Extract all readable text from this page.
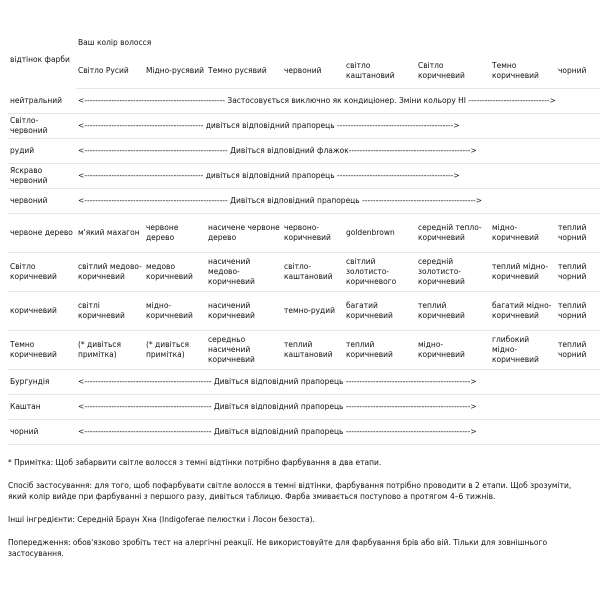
відтінок фарби	Ваш колір волосся							
	Світло Русий	Мідно-русявий	Темно русявий	червоний	світло каштановий	Світло коричневий	Темно коричневий	чорний
нейтральний	<---------------------------------------------------- Застосовується виключно як кондиціонер. Зміни кольору НІ ------------------------------>							
Світло-червоний	<-------------------------------------------- дивіться відповідний прапорець ------------------------------------------->							
рудий	<----------------------------------------------------- Дивіться відповідний флажок--------------------------------------------->							
Яскраво червоний	<-------------------------------------------- дивіться відповідний прапорець ------------------------------------------->							
червоний	<----------------------------------------------------- Дивіться відповідний прапорець ------------------------------------------>							
червоне дерево	м'який махагон	червоне дерево	насичене червоне дерево	червоно-коричневий	goldenbrown	середній тепло-коричневий	мідно-коричневий	теплий чорний
Світло коричневий	світлий медово-коричневий	медово коричневий	насичений медово-коричневий	світло-каштановий	світлий золотисто-коричневого	середній золотисто-коричневий	теплий мідно-коричневий	теплий чорний
коричневий	світлі коричневий	мідно-коричневий	насичений коричневий	темно-рудий	багатий коричневий	теплий коричневий	багатий мідно-коричневий	теплий чорний
Темно коричневий	(* дивіться примітка)	(* дивіться примітка)	середньо насичений коричневий	теплий каштановий	теплий коричневий	мідно-коричневий	глибокий мідно-коричневий	теплий чорний
Бургундія	<----------------------------------------------- Дивіться відповідний прапорець ---------------------------------------------->							
Каштан	<----------------------------------------------- Дивіться відповідний прапорець ---------------------------------------------->							
чорний	<----------------------------------------------- Дивіться відповідний прапорець ---------------------------------------------->							

* Примітка: Щоб забарвити світле волосся з темні відтінки потрібно фарбування в два етапи.

Спосіб застосування: для того, щоб пофарбувати світле волосся в темні відтінки, фарбування потрібно проводити в 2 етапи. Щоб зрозуміти, який колір вийде при фарбуванні з першого разу, дивіться таблицю. Фарба змивається поступово а протягом 4–6 тижнів.

Інші інгредієнти: Середній Браун Хна (Indigoferae пелюстки і Лосон безоста).

Попередження: обов'язково зробіть тест на алергічні реакції. Не використовуйте для фарбування брів або вій. Тільки для зовнішнього застосування.
